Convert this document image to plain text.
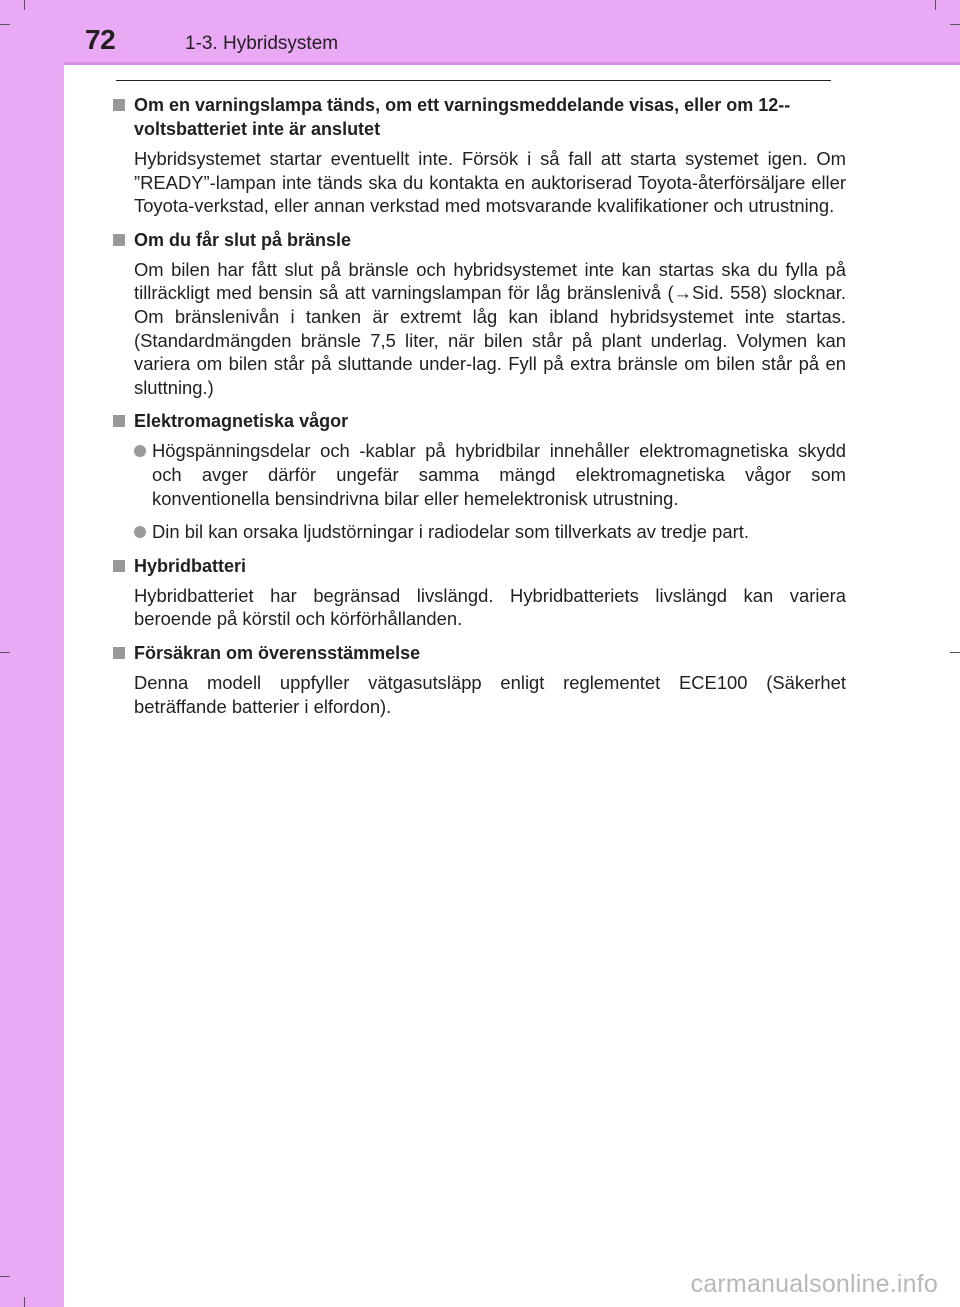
72	1-3. Hybridsystem
Om en varningslampa tänds, om ett varningsmeddelande visas, eller om 12--voltsbatteriet inte är anslutet
Hybridsystemet startar eventuellt inte. Försök i så fall att starta systemet igen. Om ”READY”-lampan inte tänds ska du kontakta en auktoriserad Toyota-återförsäljare eller Toyota-verkstad, eller annan verkstad med motsvarande kvalifikationer och utrustning.
Om du får slut på bränsle
Om bilen har fått slut på bränsle och hybridsystemet inte kan startas ska du fylla på tillräckligt med bensin så att varningslampan för låg bränslenivå (→Sid. 558) slocknar. Om bränslenivån i tanken är extremt låg kan ibland hybridsystemet inte startas. (Standardmängden bränsle 7,5 liter, när bilen står på plant underlag. Volymen kan variera om bilen står på sluttande under-lag. Fyll på extra bränsle om bilen står på en sluttning.)
Elektromagnetiska vågor
Högspänningsdelar och -kablar på hybridbilar innehåller elektromagnetiska skydd och avger därför ungefär samma mängd elektromagnetiska vågor som konventionella bensindrivna bilar eller hemelektronisk utrustning.
Din bil kan orsaka ljudstörningar i radiodelar som tillverkats av tredje part.
Hybridbatteri
Hybridbatteriet har begränsad livslängd. Hybridbatteriets livslängd kan variera beroende på körstil och körförhållanden.
Försäkran om överensstämmelse
Denna modell uppfyller vätgasutsläpp enligt reglementet ECE100 (Säkerhet beträffande batterier i elfordon).
carmanualsonline.info
